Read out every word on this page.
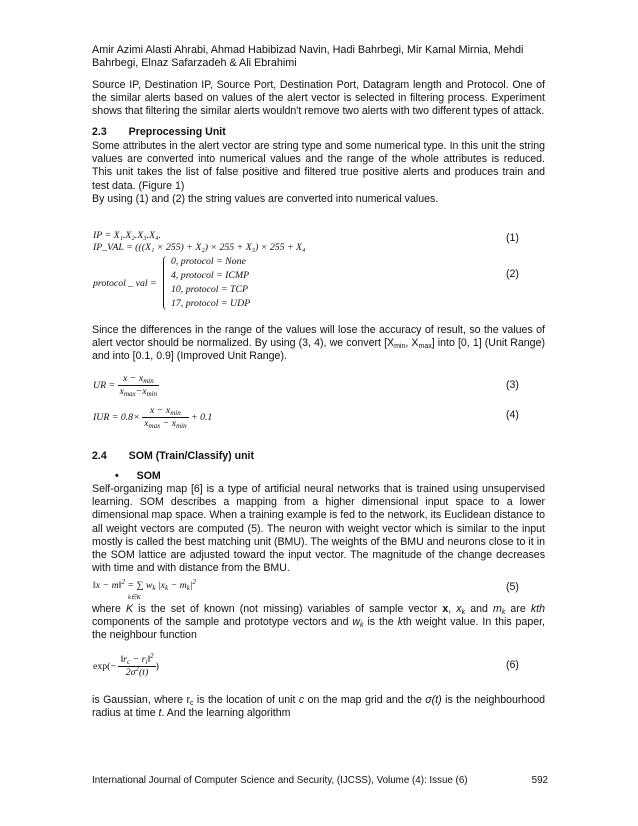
Amir Azimi Alasti Ahrabi, Ahmad Habibizad Navin, Hadi Bahrbegi, Mir Kamal Mirnia, Mehdi Bahrbegi, Elnaz Safarzadeh & Ali Ebrahimi
Source IP, Destination IP, Source Port, Destination Port, Datagram length and Protocol. One of the similar alerts based on values of the alert vector is selected in filtering process. Experiment shows that filtering the similar alerts wouldn't remove two alerts with two different types of attack.
2.3 Preprocessing Unit
Some attributes in the alert vector are string type and some numerical type. In this unit the string values are converted into numerical values and the range of the whole attributes is reduced. This unit takes the list of false positive and filtered true positive alerts and produces train and test data. (Figure 1)
By using (1) and (2) the string values are converted into numerical values.
IP = X₁.X₂.X₃.X₄.
IP_VAL = (((X₁ × 255) + X₂) × 255 + X₃) × 255 + X₄
(1)
protocol _ val =
0, protocol = None
4, protocol = ICMP
10, protocol = TCP
17, protocol = UDP
(2)
Since the differences in the range of the values will lose the accuracy of result, so the values of alert vector should be normalized. By using (3, 4), we convert [$X_{min}$, $X_{max}$] into [0, 1] (Unit Range) and into [0.1, 0.9] (Improved Unit Range).
UR = $\frac{x - x_{min}}{x_{max}-x_{min}}$	(3)
IUR = $0.8\times \frac{x - x_{min}}{x_{max} - x_{min}} + 0.1$	(4)
2.4 SOM (Train/Classify) unit
• SOM
Self-organizing map [6] is a type of artificial neural networks that is trained using unsupervised learning. SOM describes a mapping from a higher dimensional input space to a lower dimensional map space. When a training example is fed to the network, its Euclidean distance to all weight vectors are computed (5). The neuron with weight vector which is similar to the input mostly is called the best matching unit (BMU). The weights of the BMU and neurons close to it in the SOM lattice are adjusted toward the input vector. The magnitude of the change decreases with time and with distance from the BMU.
‖x − m‖$^2$ = ∑ $w_k$ $|x_k - m_k|^2$
k∈K
(5)
where K is the set of known (not missing) variables of sample vector x, $x_k$ and $m_k$ are kth components of the sample and prototype vectors and $w_k$ is the kth weight value. In this paper, the neighbour function
$\exp(- \frac{‖r_c - r_i‖^2}{2\sigma^2(t)}$ )	(6)
is Gaussian, where $r_c$ is the location of unit c on the map grid and the σ(t) is the neighbourhood radius at time t. And the learning algorithm
International Journal of Computer Science and Security, (IJCSS), Volume (4): Issue (6)	592
